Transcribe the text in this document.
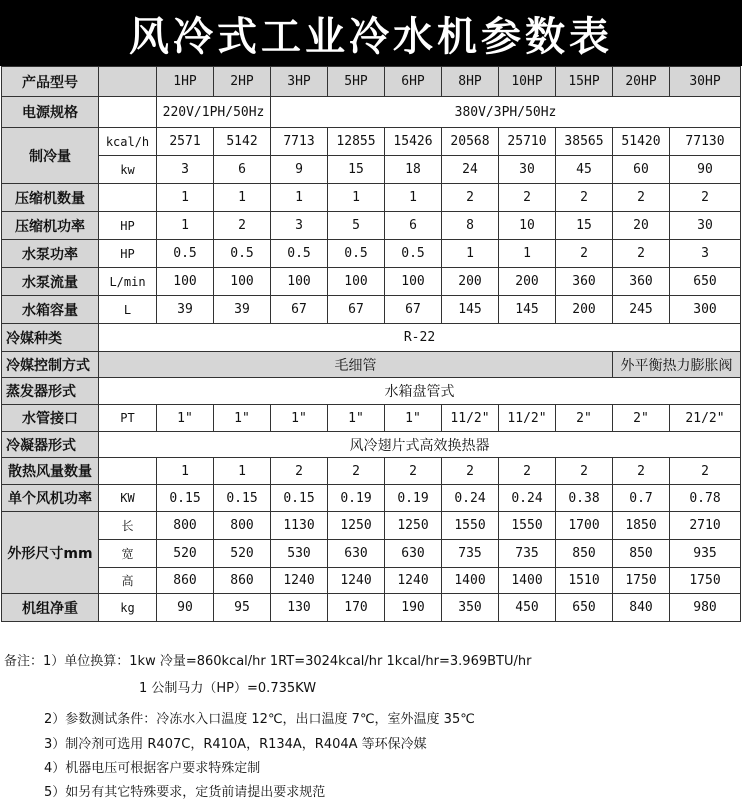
风冷式工业冷水机参数表
产品型号		1HP	2HP	3HP	5HP	6HP	8HP	10HP	15HP	20HP	30HP
电源规格		220V/1PH/50Hz		380V/3PH/50Hz							
制冷量	kcal/h	2571	5142	7713	12855	15426	20568	25710	38565	51420	77130
	kw	3	6	9	15	18	24	30	45	60	90
压缩机数量		1	1	1	1	1	2	2	2	2	2
压缩机功率	HP	1	2	3	5	6	8	10	15	20	30
水泵功率	HP	0.5	0.5	0.5	0.5	0.5	1	1	2	2	3
水泵流量	L/min	100	100	100	100	100	200	200	360	360	650
水箱容量	L	39	39	67	67	67	145	145	200	245	300
冷媒种类	R-22										
冷媒控制方式	毛细管									外平衡热力膨胀阀	
蒸发器形式	水箱盘管式										
水管接口	PT	1"	1"	1"	1"	1"	11/2"	11/2"	2"	2"	21/2"
冷凝器形式	风冷翅片式高效换热器										
散热风量数量		1	1	2	2	2	2	2	2	2	2
单个风机功率	KW	0.15	0.15	0.15	0.19	0.19	0.24	0.24	0.38	0.7	0.78
外形尺寸mm	长	800	800	1130	1250	1250	1550	1550	1700	1850	2710
	宽	520	520	530	630	630	735	735	850	850	935
	高	860	860	1240	1240	1240	1400	1400	1510	1750	1750
机组净重	kg	90	95	130	170	190	350	450	650	840	980
备注：1）单位换算：1kw 冷量=860kcal/hr 1RT=3024kcal/hr 1kcal/hr=3.969BTU/hr
1 公制马力（HP）=0.735KW
2）参数测试条件：冷冻水入口温度 12℃，出口温度 7℃，室外温度 35℃
3）制冷剂可选用 R407C，R410A，R134A，R404A 等环保冷媒
4）机器电压可根据客户要求特殊定制
5）如另有其它特殊要求，定货前请提出要求规范
